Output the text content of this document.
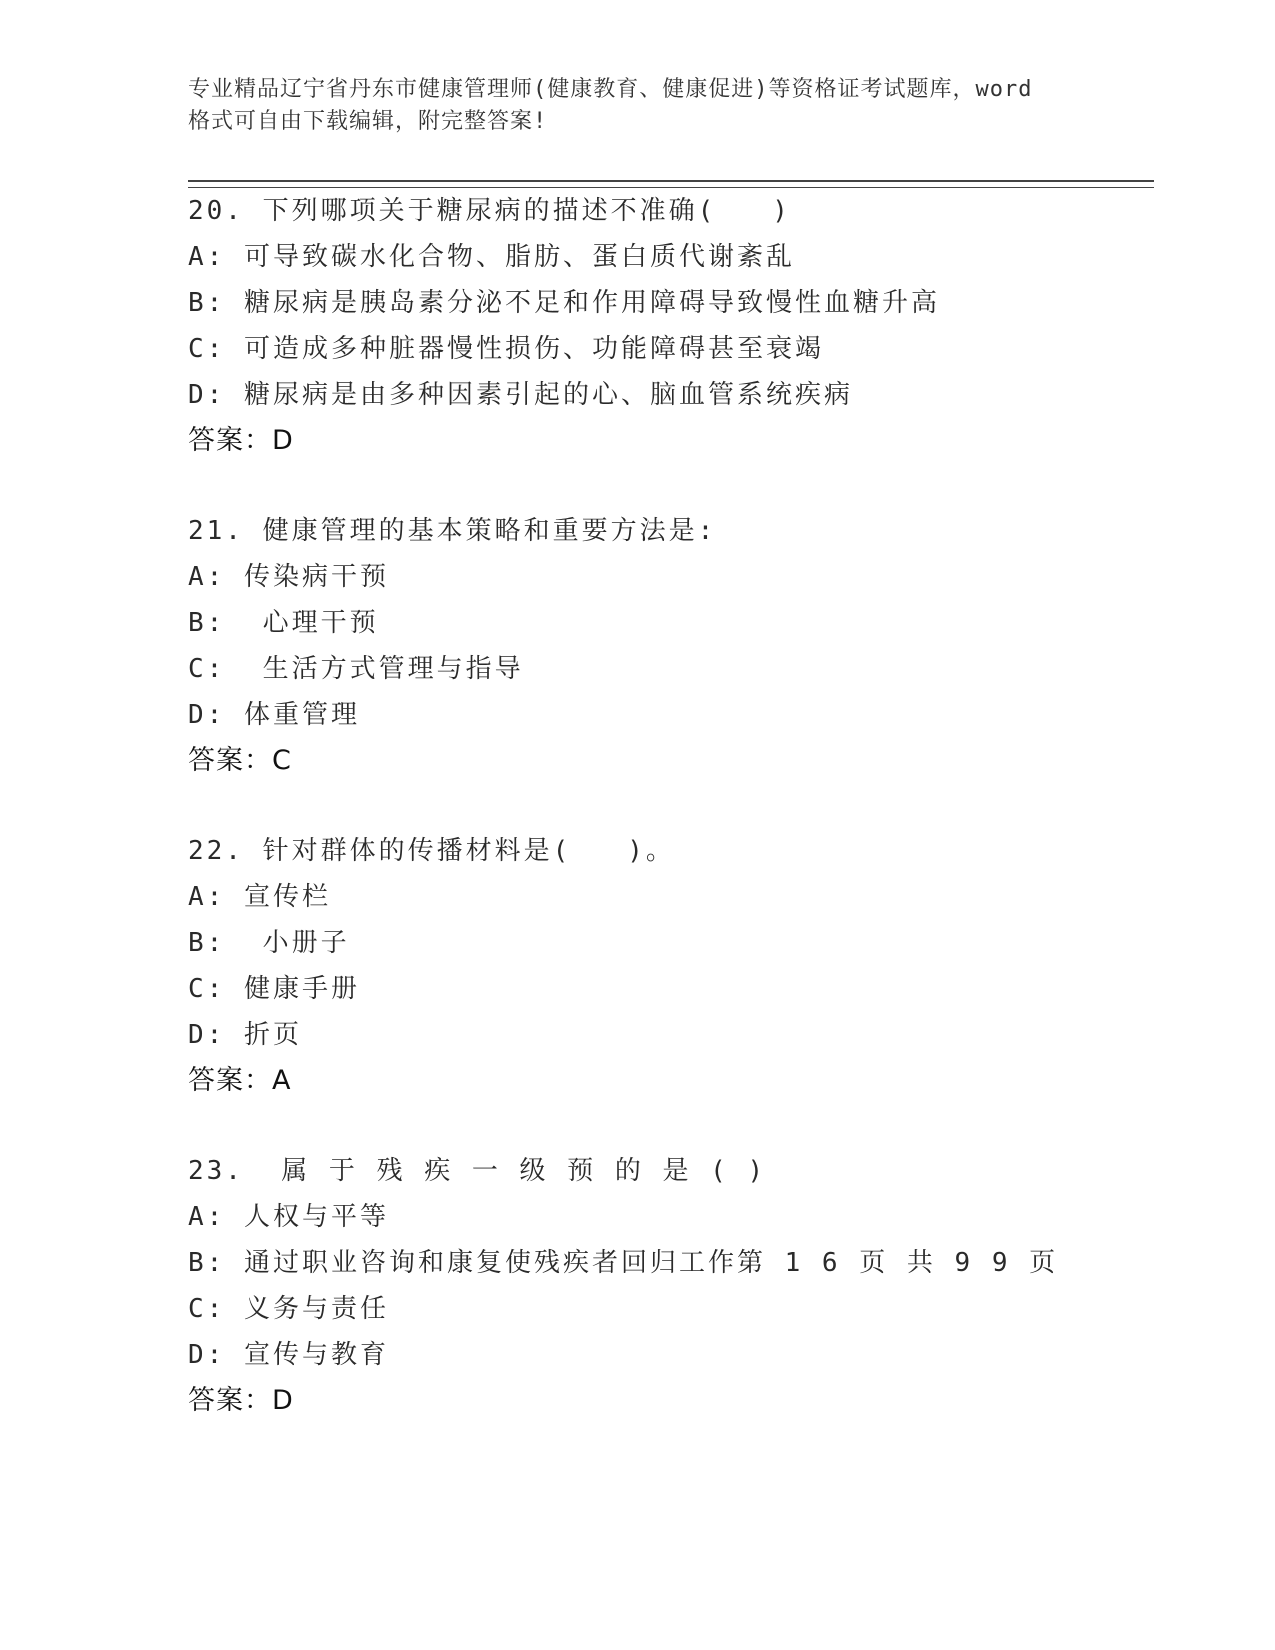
专业精品辽宁省丹东市健康管理师(健康教育、健康促进)等资格证考试题库，word
格式可自由下载编辑，附完整答案!
20. 下列哪项关于糖尿病的描述不准确(   )
A: 可导致碳水化合物、脂肪、蛋白质代谢紊乱
B: 糖尿病是胰岛素分泌不足和作用障碍导致慢性血糖升高
C: 可造成多种脏器慢性损伤、功能障碍甚至衰竭
D: 糖尿病是由多种因素引起的心、脑血管系统疾病
答案：D
21. 健康管理的基本策略和重要方法是:
A: 传染病干预
B:  心理干预
C:  生活方式管理与指导
D: 体重管理
答案：C
22. 针对群体的传播材料是(   )。
A: 宣传栏
B:  小册子
C: 健康手册
D: 折页
答案：A
23.  属 于 残 疾 一 级 预 的 是 ( )
A: 人权与平等
B: 通过职业咨询和康复使残疾者回归工作第 1 6 页 共 9 9 页
C: 义务与责任
D: 宣传与教育
答案：D
